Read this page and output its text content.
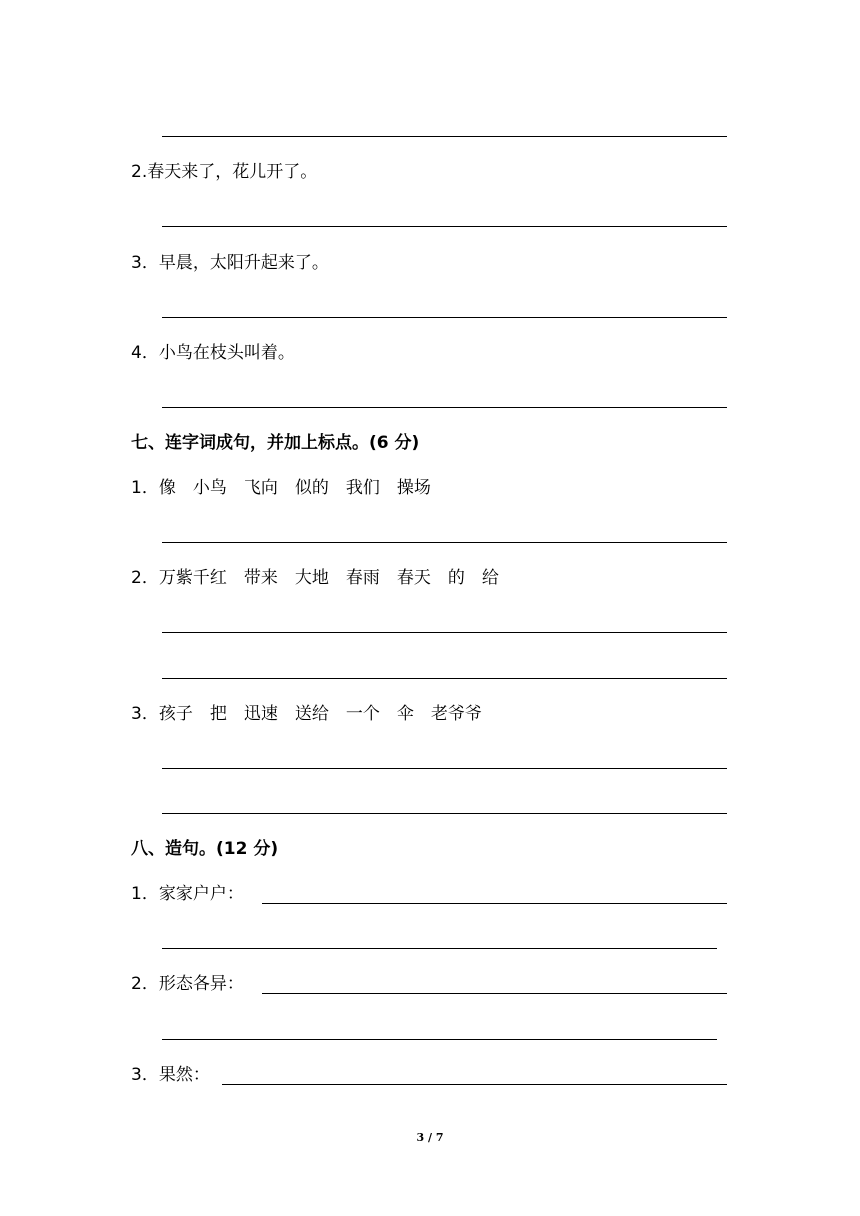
2.春天来了，花儿开了。
3．早晨，太阳升起来了。
4．小鸟在枝头叫着。
七、连字词成句，并加上标点。(6 分)
1．像　小鸟　飞向　似的　我们　操场
2．万紫千红　带来　大地　春雨　春天　的　给
3．孩子　把　迅速　送给　一个　伞　老爷爷
八、造句。(12 分)
1．家家户户：
2．形态各异：
3．果然：
3 / 7
